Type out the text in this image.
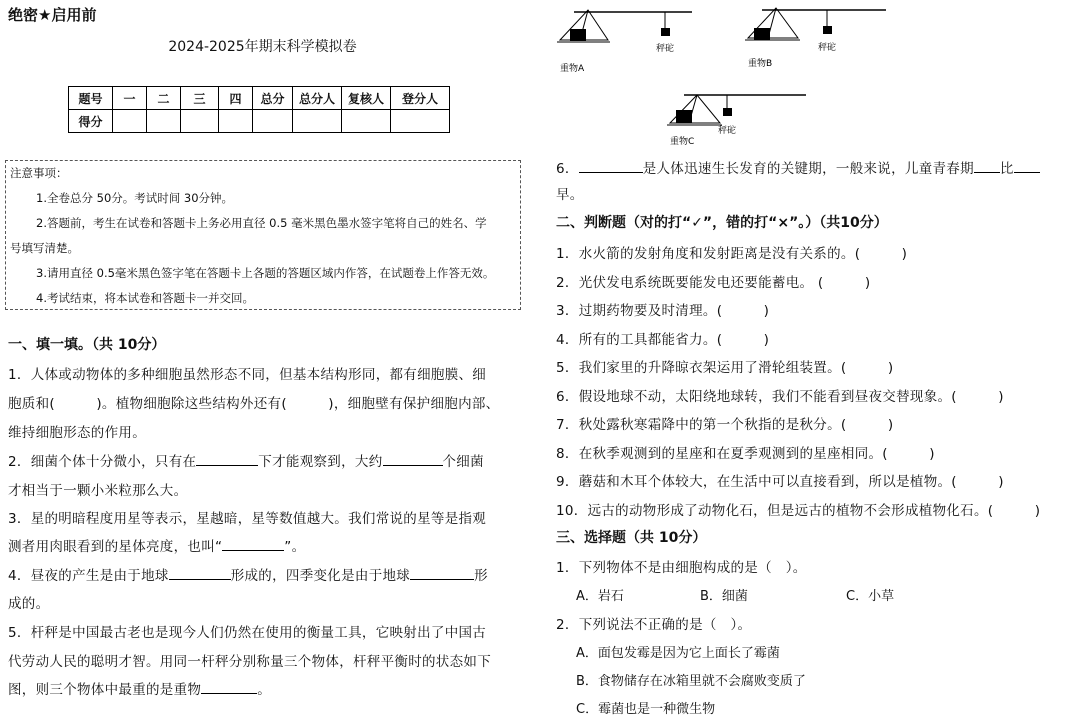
绝密★启用前
2024-2025年期末科学模拟卷
题号	一	二	三	四	总分	总分人	复核人	登分人
得分								
注意事项：
1.全卷总分 50分。考试时间 30分钟。
2.答题前，考生在试卷和答题卡上务必用直径 0.5 毫米黑色墨水签字笔将自己的姓名、学
号填写清楚。
3.请用直径 0.5毫米黑色签字笔在答题卡上各题的答题区域内作答，在试题卷上作答无效。
4.考试结束，将本试卷和答题卡一并交回。
一、填一填。（共 10分）
1．人体或动物体的多种细胞虽然形态不同，但基本结构形同，都有细胞膜、细
胞质和(　　　)。植物细胞除这些结构外还有(　　　)，细胞壁有保护细胞内部、
维持细胞形态的作用。
2．细菌个体十分微小，只有在	下才能观察到，大约	个细菌
才相当于一颗小米粒那么大。
3．星的明暗程度用星等表示，星越暗，星等数值越大。我们常说的星等是指观
测者用肉眼看到的星体亮度，也叫“	”。
4．昼夜的产生是由于地球	形成的，四季变化是由于地球	形
成的。
5．杆秤是中国最古老也是现今人们仍然在使用的衡量工具，它映射出了中国古
代劳动人民的聪明才智。用同一杆秤分别称量三个物体，杆秤平衡时的状态如下
图，则三个物体中最重的是重物	。
秤砣
重物A
秤砣
重物B
秤砣
重物C
6．	是人体迅速生长发育的关键期，一般来说，儿童青春期 比
早。
二、判断题（对的打“✓”，错的打“×”。）（共10分）
1．水火箭的发射角度和发射距离是没有关系的。(　　　)
2．光伏发电系统既要能发电还要能蓄电。 (　　　)
3．过期药物要及时清理。(　　　)
4．所有的工具都能省力。(　　　)
5．我们家里的升降晾衣架运用了滑轮组装置。(　　　)
6．假设地球不动，太阳绕地球转，我们不能看到昼夜交替现象。(　　　)
7．秋处露秋寒霜降中的第一个秋指的是秋分。(　　　)
8．在秋季观测到的星座和在夏季观测到的星座相同。(　　　)
9．蘑菇和木耳个体较大，在生活中可以直接看到，所以是植物。(　　　)
10．远古的动物形成了动物化石，但是远古的植物不会形成植物化石。(　　　)
三、选择题（共 10分）
1．下列物体不是由细胞构成的是（　）。
A．岩石	B．细菌	C．小草
2．下列说法不正确的是（　）。
A．面包发霉是因为它上面长了霉菌
B．食物储存在冰箱里就不会腐败变质了
C．霉菌也是一种微生物
